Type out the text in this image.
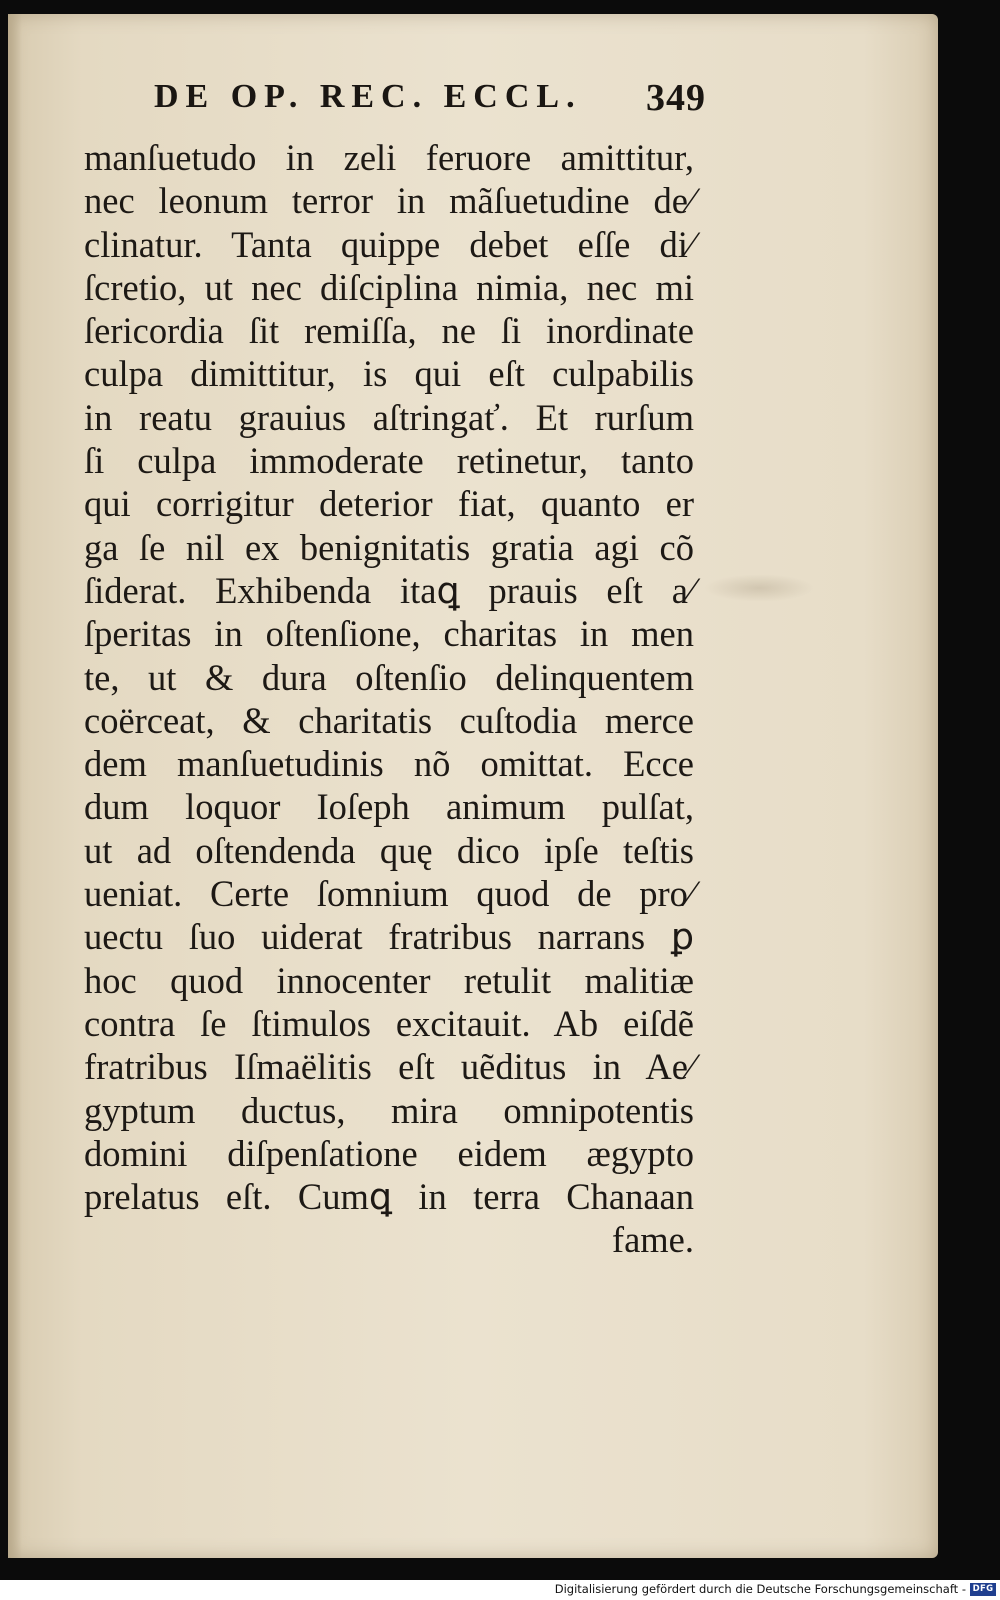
DE OP. REC. ECCL. 349
manſuetudo in zeli feruore amittitur,
nec leonum terror in mãſuetudine de⁄
clinatur. Tanta quippe debet eſſe di⁄
ſcretio, ut nec diſciplina nimia, nec mi
ſericordia ſit remiſſa, ne ſi inordinate
culpa dimittitur, is qui eſt culpabilis
in reatu grauius aſtringať. Et rurſum
ſi culpa immoderate retinetur, tanto
qui corrigitur deterior fiat, quanto er
ga ſe nil ex benignitatis gratia agi cõ
ſiderat. Exhibenda itaꝗ prauis eſt a⁄
ſperitas in oſtenſione, charitas in men
te, ut & dura oſtenſio delinquentem
coërceat, & charitatis cuſtodia merce
dem manſuetudinis nõ omittat. Ecce
dum loquor Ioſeph animum pulſat,
ut ad oſtendenda quę dico ipſe teſtis
ueniat. Certe ſomnium quod de pro⁄
uectu ſuo uiderat fratribus narrans ꝑ
hoc quod innocenter retulit malitiæ
contra ſe ſtimulos excitauit. Ab eiſdẽ
fratribus Iſmaëlitis eſt uẽditus in Ae⁄
gyptum ductus, mira omnipotentis
domini diſpenſatione eidem ægypto
prelatus eſt. Cumꝗ in terra Chanaan
fame.
Digitalisierung gefördert durch die Deutsche Forschungsgemeinschaft - DFG
